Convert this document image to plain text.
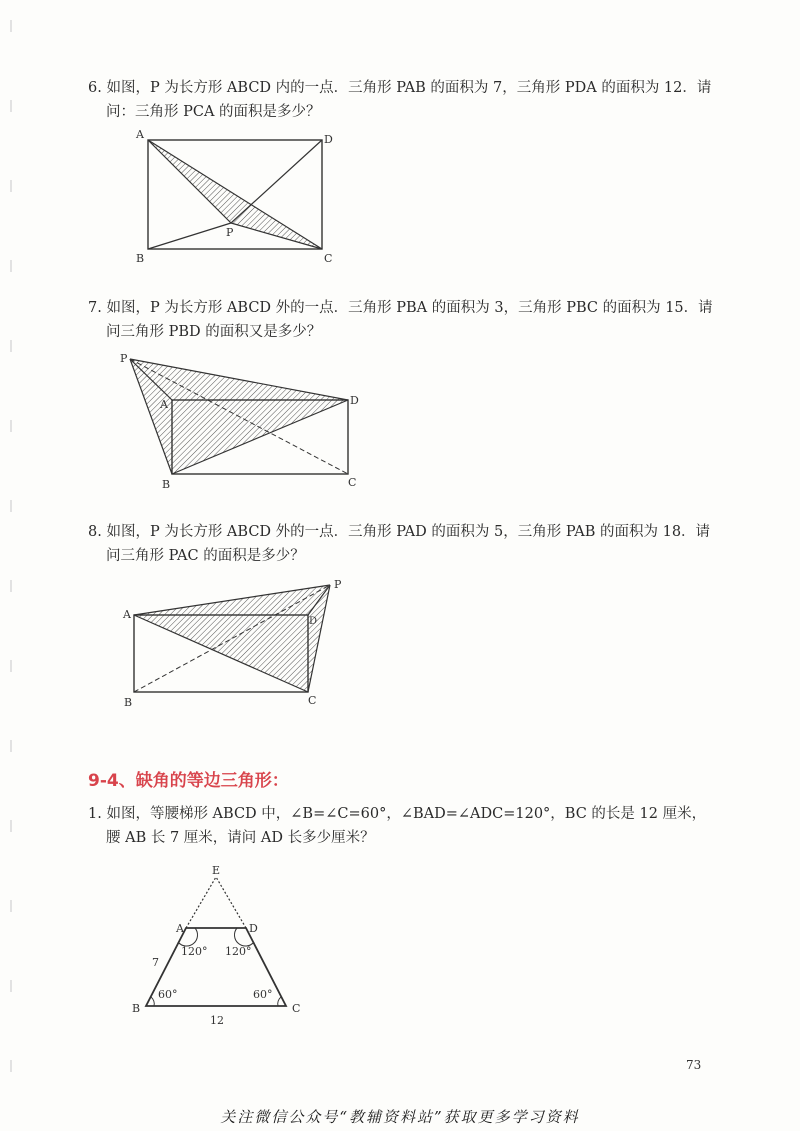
6. 如图，P 为长方形 ABCD 内的一点．三角形 PAB 的面积为 7，三角形 PDA 的面积为 12．请
问：三角形 PCA 的面积是多少？
A	D
B	C
P
7. 如图，P 为长方形 ABCD 外的一点．三角形 PBA 的面积为 3，三角形 PBC 的面积为 15．请
问三角形 PBD 的面积又是多少？
P
A	D
B	C
8. 如图，P 为长方形 ABCD 外的一点．三角形 PAD 的面积为 5，三角形 PAB 的面积为 18．请
问三角形 PAC 的面积是多少？
A
P
D
B	C
9-4、缺角的等边三角形：
1. 如图，等腰梯形 ABCD 中，∠B=∠C=60°，∠BAD=∠ADC=120°，BC 的长是 12 厘米，
腰 AB 长 7 厘米，请问 AD 长多少厘米？
E
A	D
B	C
120° 120°
60°	60°
7
12
73
关注微信公众号“教辅资料站”获取更多学习资料
